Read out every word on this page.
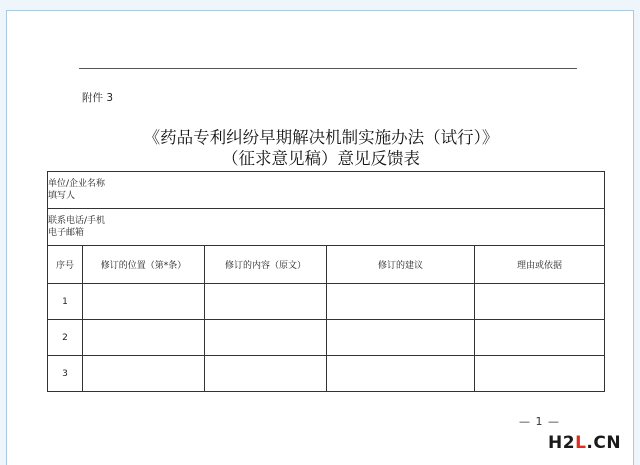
附件 3
《药品专利纠纷早期解决机制实施办法（试行）》
（征求意见稿）意见反馈表
单位/企业名称
填写人				

联系电话/手机
电子邮箱				

序号	修订的位置（第*条）	修订的内容（原文）	修订的建议	理由或依据
1				
2				
3				
— 1 —
H2L.CN
